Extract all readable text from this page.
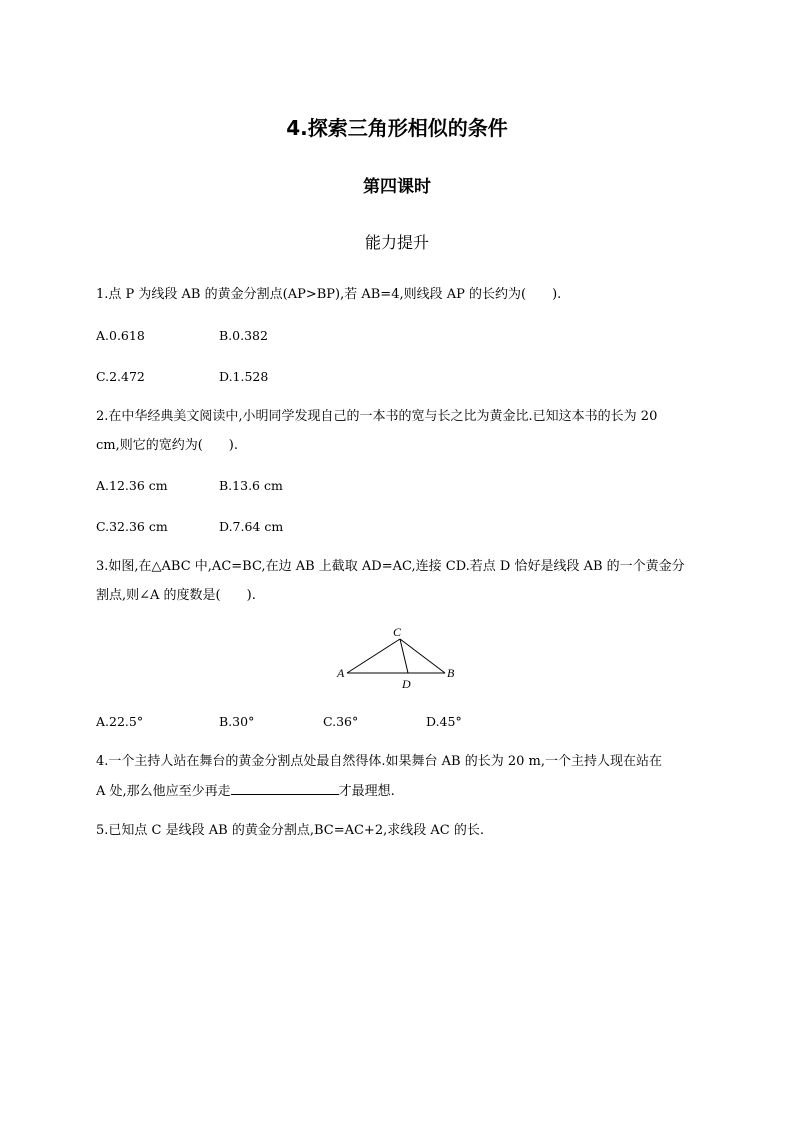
4.探索三角形相似的条件
第四课时
能力提升
1.点 P 为线段 AB 的黄金分割点(AP>BP),若 AB=4,则线段 AP 的长约为(　　).
A.0.618	B.0.382
C.2.472	D.1.528
2.在中华经典美文阅读中,小明同学发现自己的一本书的宽与长之比为黄金比.已知这本书的长为 20
cm,则它的宽约为(　　).
A.12.36 cm	B.13.6 cm
C.32.36 cm	D.7.64 cm
3.如图,在△ABC 中,AC=BC,在边 AB 上截取 AD=AC,连接 CD.若点 D 恰好是线段 AB 的一个黄金分
割点,则∠A 的度数是(　　).
C
A	B
D
A.22.5°	B.30°	C.36°	D.45°
4.一个主持人站在舞台的黄金分割点处最自然得体.如果舞台 AB 的长为 20 m,一个主持人现在站在
A 处,那么他应至少再走	才最理想.
5.已知点 C 是线段 AB 的黄金分割点,BC=AC+2,求线段 AC 的长.
